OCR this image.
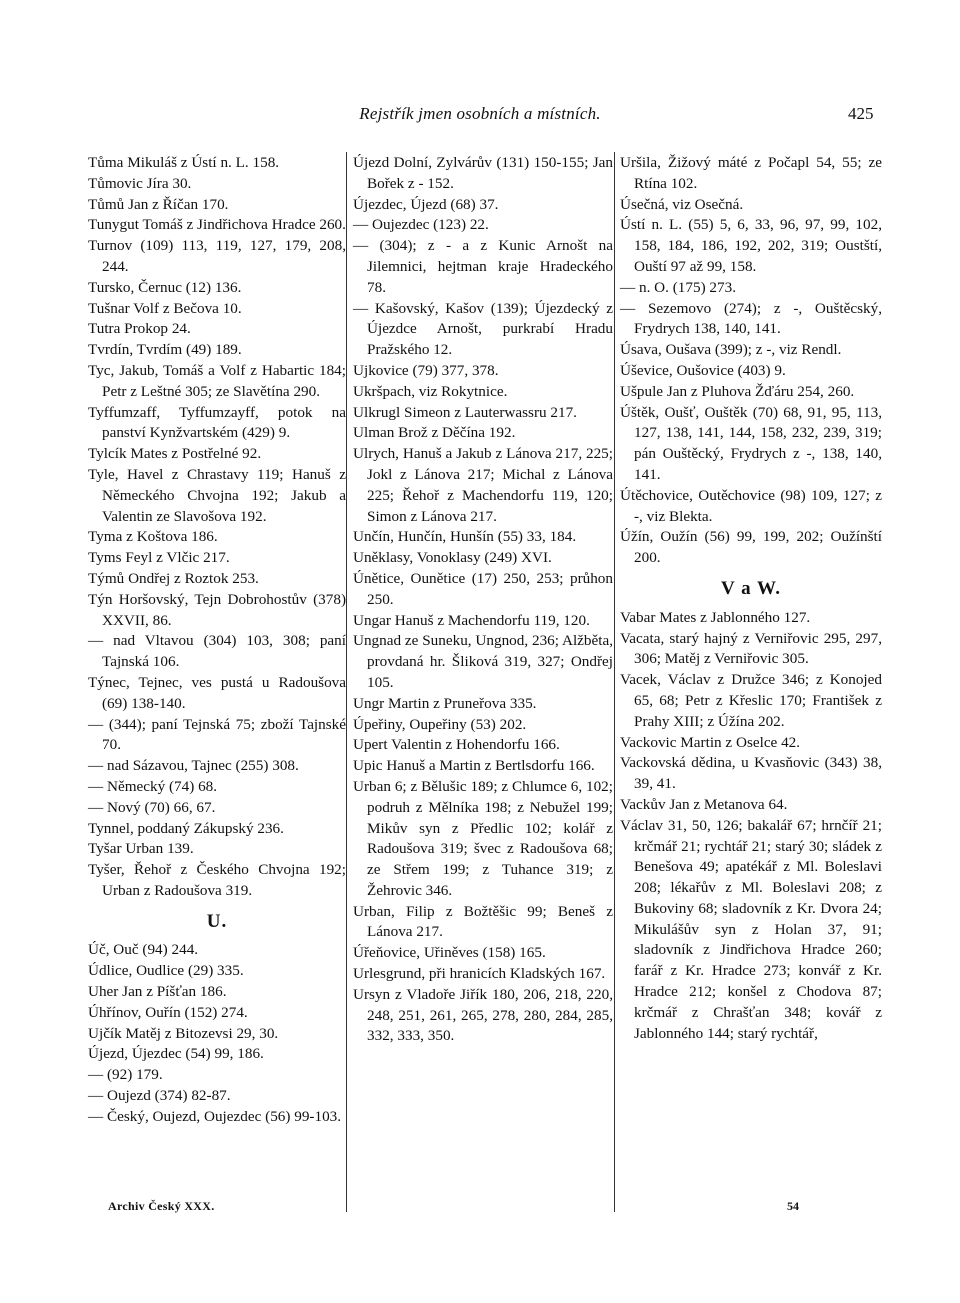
Rejstřík jmen osobních a místních.	425

Tůma Mikuláš z Ústí n. L. 158.

Tůmovic Jíra 30.

Tůmů Jan z Říčan 170.

Tunygut Tomáš z Jindřichova Hradce 260.

Turnov (109) 113, 119, 127, 179, 208, 244.

Tursko, Černuc (12) 136.

Tušnar Volf z Bečova 10.

Tutra Prokop 24.

Tvrdín, Tvrdím (49) 189.

Tyc, Jakub, Tomáš a Volf z Habartic 184; Petr z Leštné 305; ze Slavětína 290.

Tyffumzaff, Tyffumzayff, potok na panství Kynžvartském (429) 9.

Tylcík Mates z Postřelné 92.

Tyle, Havel z Chrastavy 119; Hanuš z Německého Chvojna 192; Jakub a Valentin ze Slavošova 192.

Tyma z Koštova 186.

Tyms Feyl z Vlčic 217.

Týmů Ondřej z Roztok 253.

Týn Horšovský, Tejn Dobrohostův (378) XXVII, 86.

— nad Vltavou (304) 103, 308; paní Tajnská 106.

Týnec, Tejnec, ves pustá u Radoušova (69) 138-140.

— (344); paní Tejnská 75; zboží Tajnské 70.

— nad Sázavou, Tajnec (255) 308.

— Německý (74) 68.

— Nový (70) 66, 67.

Tynnel, poddaný Zákupský 236.

Tyšar Urban 139.

Tyšer, Řehoř z Českého Chvojna 192; Urban z Radoušova 319.

U.

Úč, Ouč (94) 244.

Údlice, Oudlice (29) 335.

Uher Jan z Píšťan 186.

Úhřínov, Ouřín (152) 274.

Ujčík Matěj z Bitozevsi 29, 30.

Újezd, Újezdec (54) 99, 186.

— (92) 179.

— Oujezd (374) 82-87.

— Český, Oujezd, Oujezdec (56) 99-103.

Újezd Dolní, Zylvárův (131) 150-155; Jan Bořek z - 152.

Újezdec, Újezd (68) 37.

— Oujezdec (123) 22.

— (304); z - a z Kunic Arnošt na Jilemnici, hejtman kraje Hradeckého 78.

— Kašovský, Kašov (139); Újezdecký z Újezdce Arnošt, purkrabí Hradu Pražského 12.

Ujkovice (79) 377, 378.

Ukršpach, viz Rokytnice.

Ulkrugl Simeon z Lauterwassru 217.

Ulman Brož z Děčína 192.

Ulrych, Hanuš a Jakub z Lánova 217, 225; Jokl z Lánova 217; Michal z Lánova 225; Řehoř z Machendorfu 119, 120; Simon z Lánova 217.

Unčín, Hunčín, Hunšín (55) 33, 184.

Uněklasy, Vonoklasy (249) XVI.

Únětice, Ounětice (17) 250, 253; průhon 250.

Ungar Hanuš z Machendorfu 119, 120.

Ungnad ze Suneku, Ungnod, 236; Alžběta, provdaná hr. Šliková 319, 327; Ondřej 105.

Ungr Martin z Pruneřova 335.

Úpeřiny, Oupeřiny (53) 202.

Upert Valentin z Hohendorfu 166.

Upic Hanuš a Martin z Bertlsdorfu 166.

Urban 6; z Bělušic 189; z Chlumce 6, 102; podruh z Mělníka 198; z Nebužel 199; Mikův syn z Předlic 102; kolář z Radoušova 319; švec z Radoušova 68; ze Střem 199; z Tuhance 319; z Žehrovic 346.

Urban, Filip z Božtěšic 99; Beneš z Lánova 217.

Úřeňovice, Uřiněves (158) 165.

Urlesgrund, při hranicích Kladských 167.

Ursyn z Vladoře Jiřík 180, 206, 218, 220, 248, 251, 261, 265, 278, 280, 284, 285, 332, 333, 350.

Uršila, Žižový máté z Počapl 54, 55; ze Rtína 102.

Úsečná, viz Osečná.

Ústí n. L. (55) 5, 6, 33, 96, 97, 99, 102, 158, 184, 186, 192, 202, 319; Oustští, Ouští 97 až 99, 158.

— n. O. (175) 273.

— Sezemovo (274); z -, Ouštěcský, Frydrych 138, 140, 141.

Úsava, Oušava (399); z -, viz Rendl.

Úševice, Oušovice (403) 9.

Ušpule Jan z Pluhova Žďáru 254, 260.

Úštěk, Oušť, Ouštěk (70) 68, 91, 95, 113, 127, 138, 141, 144, 158, 232, 239, 319; pán Ouštěcký, Frydrych z -, 138, 140, 141.

Útěchovice, Outěchovice (98) 109, 127; z -, viz Blekta.

Úžín, Oužín (56) 99, 199, 202; Oužínští 200.

V a W.

Vabar Mates z Jablonného 127.

Vacata, starý hajný z Verniřovic 295, 297, 306; Matěj z Verniřovic 305.

Vacek, Václav z Družce 346; z Konojed 65, 68; Petr z Křeslic 170; František z Prahy XIII; z Úžína 202.

Vackovic Martin z Oselce 42.

Vackovská dědina, u Kvasňovic (343) 38, 39, 41.

Vackův Jan z Metanova 64.

Václav 31, 50, 126; bakalář 67; hrnčíř 21; krčmář 21; rychtář 21; starý 30; sládek z Benešova 49; apatékář z Ml. Boleslavi 208; lékařův z Ml. Boleslavi 208; z Bukoviny 68; sladovník z Kr. Dvora 24; Mikulášův syn z Holan 37, 91; sladovník z Jindřichova Hradce 260; farář z Kr. Hradce 273; konvář z Kr. Hradce 212; konšel z Chodova 87; krčmář z Chrašťan 348; kovář z Jablonného 144; starý rychtář,

Archiv Český XXX.	54
